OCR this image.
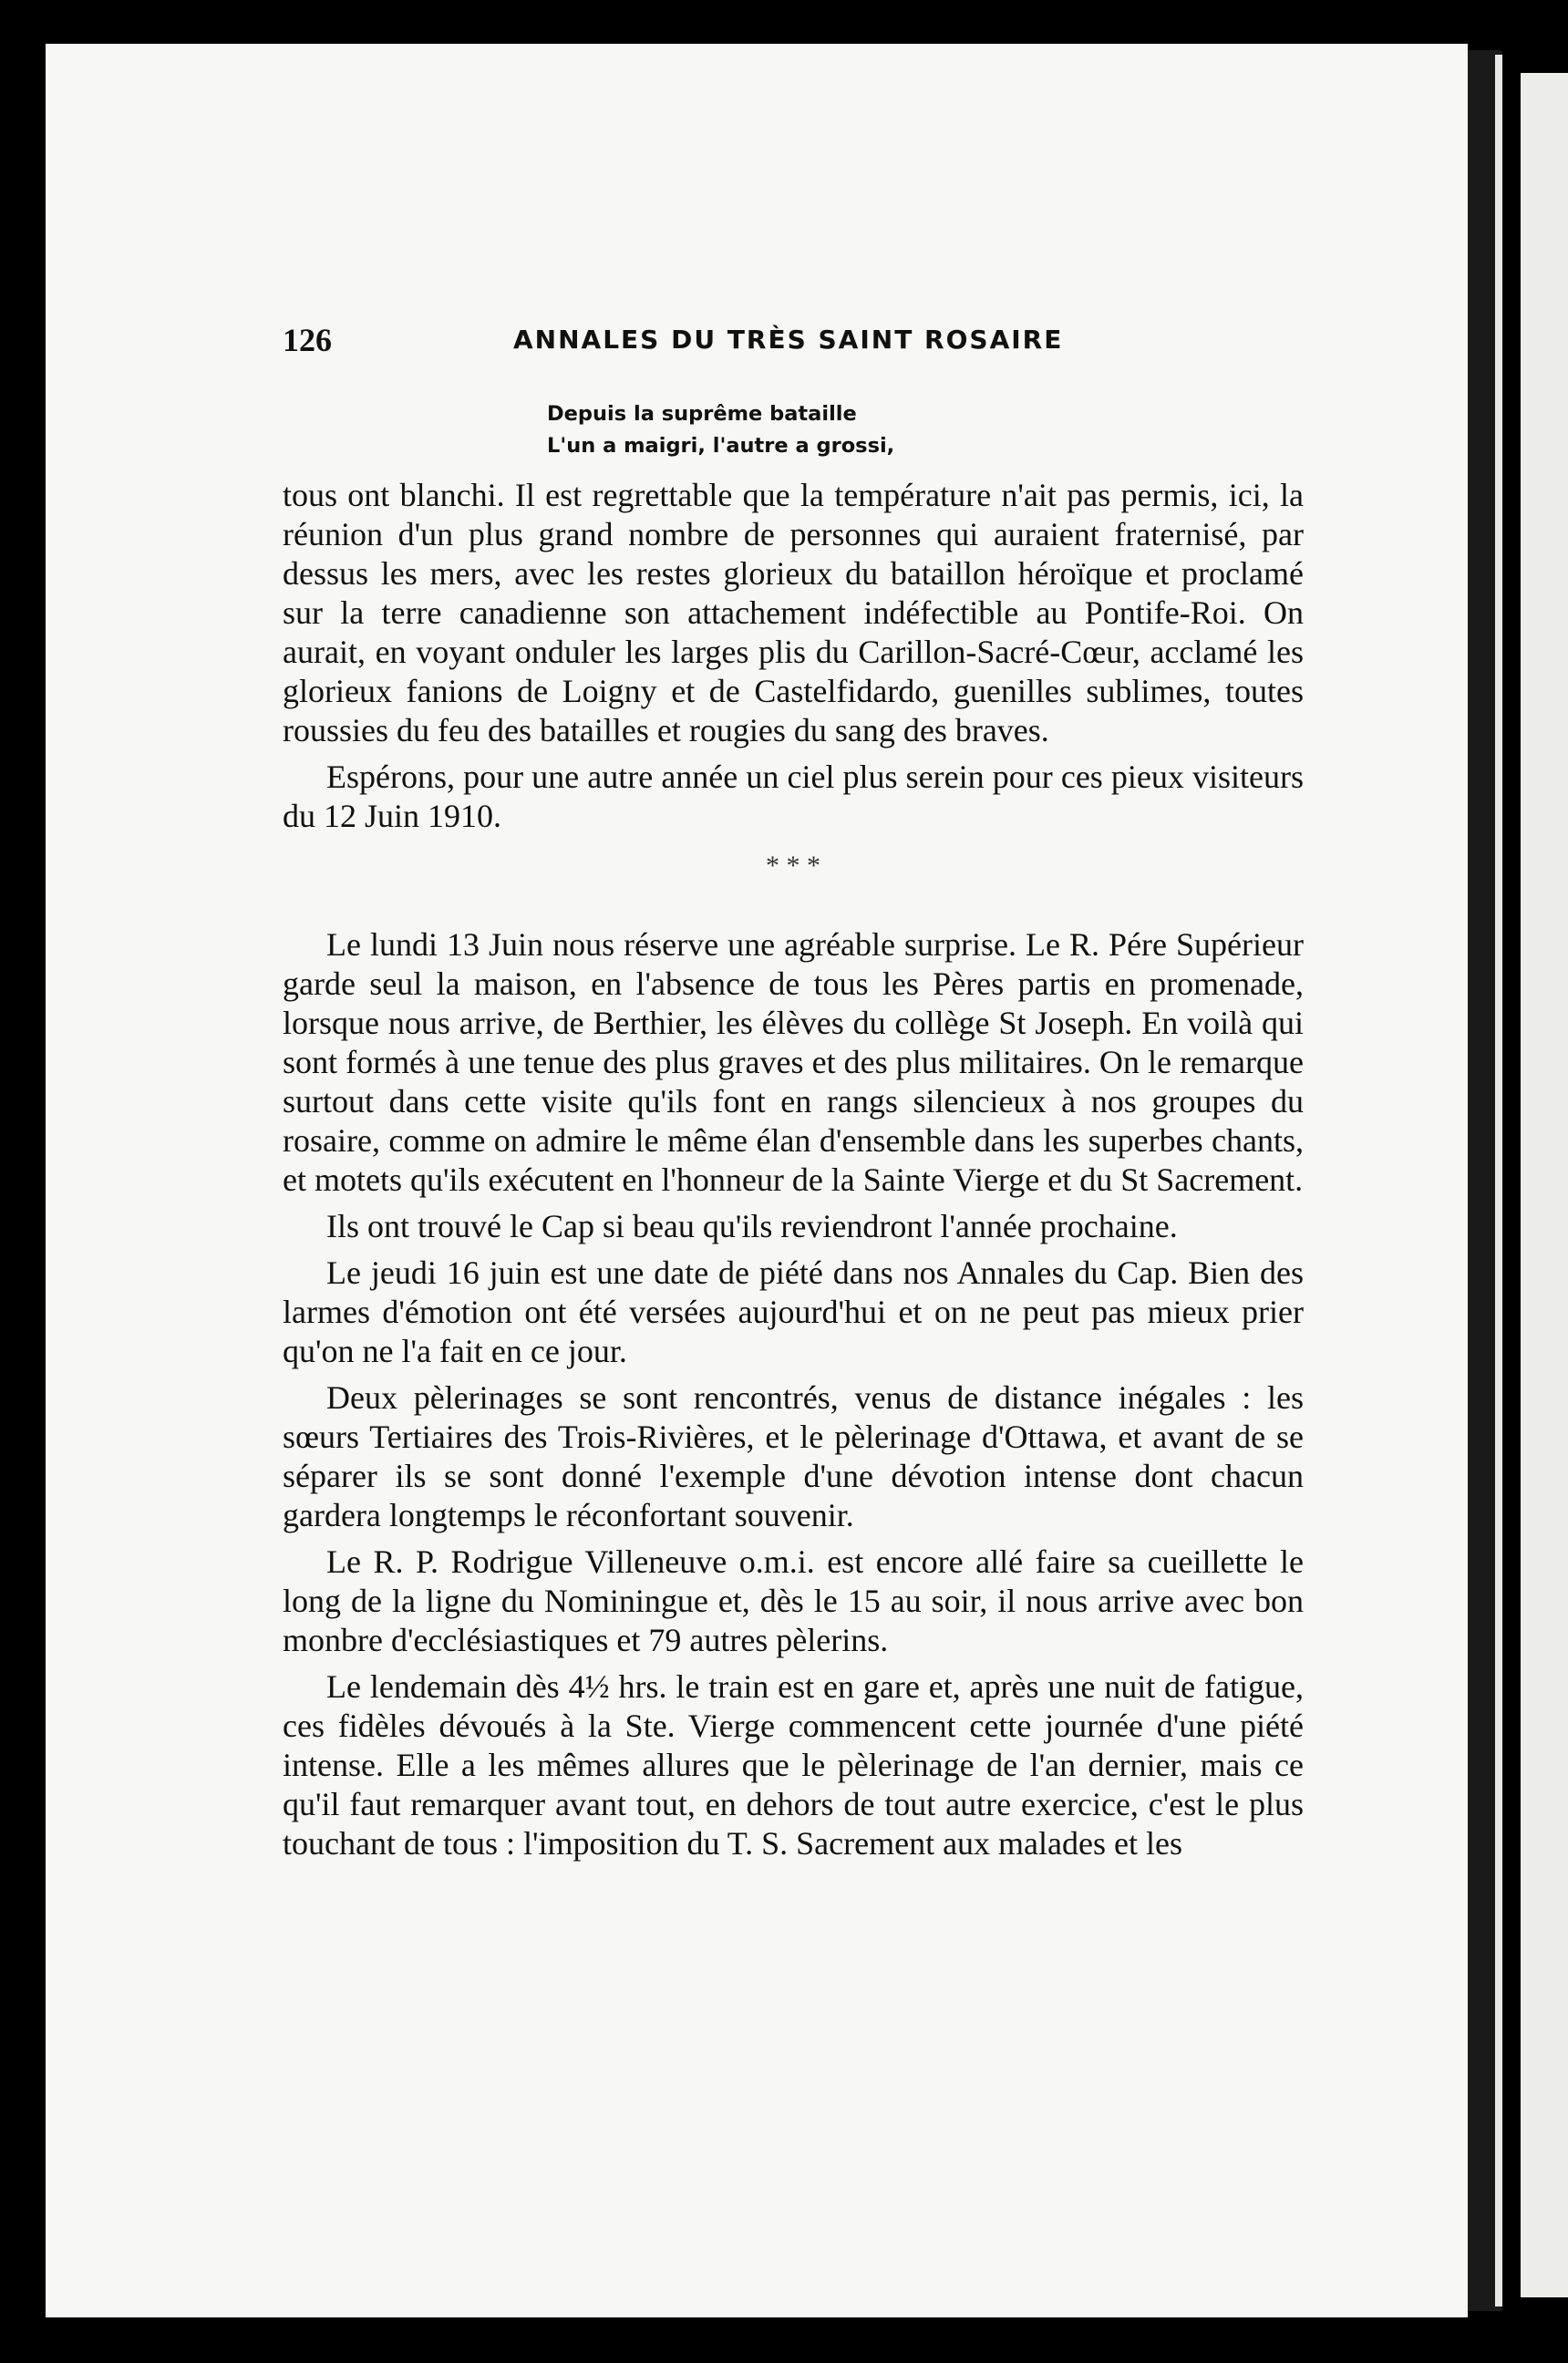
126	ANNALES DU TRÈS SAINT ROSAIRE
Depuis la suprême bataille
L'un a maigri, l'autre a grossi,

tous ont blanchi. Il est regrettable que la température n'ait pas permis, ici, la réunion d'un plus grand nombre de personnes qui auraient fraternisé, par dessus les mers, avec les restes glorieux du bataillon héroïque et proclamé sur la terre canadienne son attachement indéfectible au Pontife-Roi. On aurait, en voyant onduler les larges plis du Carillon-Sacré-Cœur, acclamé les glorieux fanions de Loigny et de Castelfidardo, guenilles sublimes, toutes roussies du feu des batailles et rougies du sang des braves.

Espérons, pour une autre année un ciel plus serein pour ces pieux visiteurs du 12 Juin 1910.

* * *

Le lundi 13 Juin nous réserve une agréable surprise. Le R. Pére Supérieur garde seul la maison, en l'absence de tous les Pères partis en promenade, lorsque nous arrive, de Berthier, les élèves du collège St Joseph. En voilà qui sont formés à une tenue des plus graves et des plus militaires. On le remarque surtout dans cette visite qu'ils font en rangs silencieux à nos groupes du rosaire, comme on admire le même élan d'ensemble dans les superbes chants, et motets qu'ils exécutent en l'honneur de la Sainte Vierge et du St Sacrement.

Ils ont trouvé le Cap si beau qu'ils reviendront l'année prochaine.

Le jeudi 16 juin est une date de piété dans nos Annales du Cap. Bien des larmes d'émotion ont été versées aujourd'hui et on ne peut pas mieux prier qu'on ne l'a fait en ce jour.

Deux pèlerinages se sont rencontrés, venus de distance inégales : les sœurs Tertiaires des Trois-Rivières, et le pèlerinage d'Ottawa, et avant de se séparer ils se sont donné l'exemple d'une dévotion intense dont chacun gardera longtemps le réconfortant souvenir.

Le R. P. Rodrigue Villeneuve o.m.i. est encore allé faire sa cueillette le long de la ligne du Nominingue et, dès le 15 au soir, il nous arrive avec bon monbre d'ecclésiastiques et 79 autres pèlerins.

Le lendemain dès 4½ hrs. le train est en gare et, après une nuit de fatigue, ces fidèles dévoués à la Ste. Vierge commencent cette journée d'une piété intense. Elle a les mêmes allures que le pèlerinage de l'an dernier, mais ce qu'il faut remarquer avant tout, en dehors de tout autre exercice, c'est le plus touchant de tous : l'imposition du T. S. Sacrement aux malades et les
